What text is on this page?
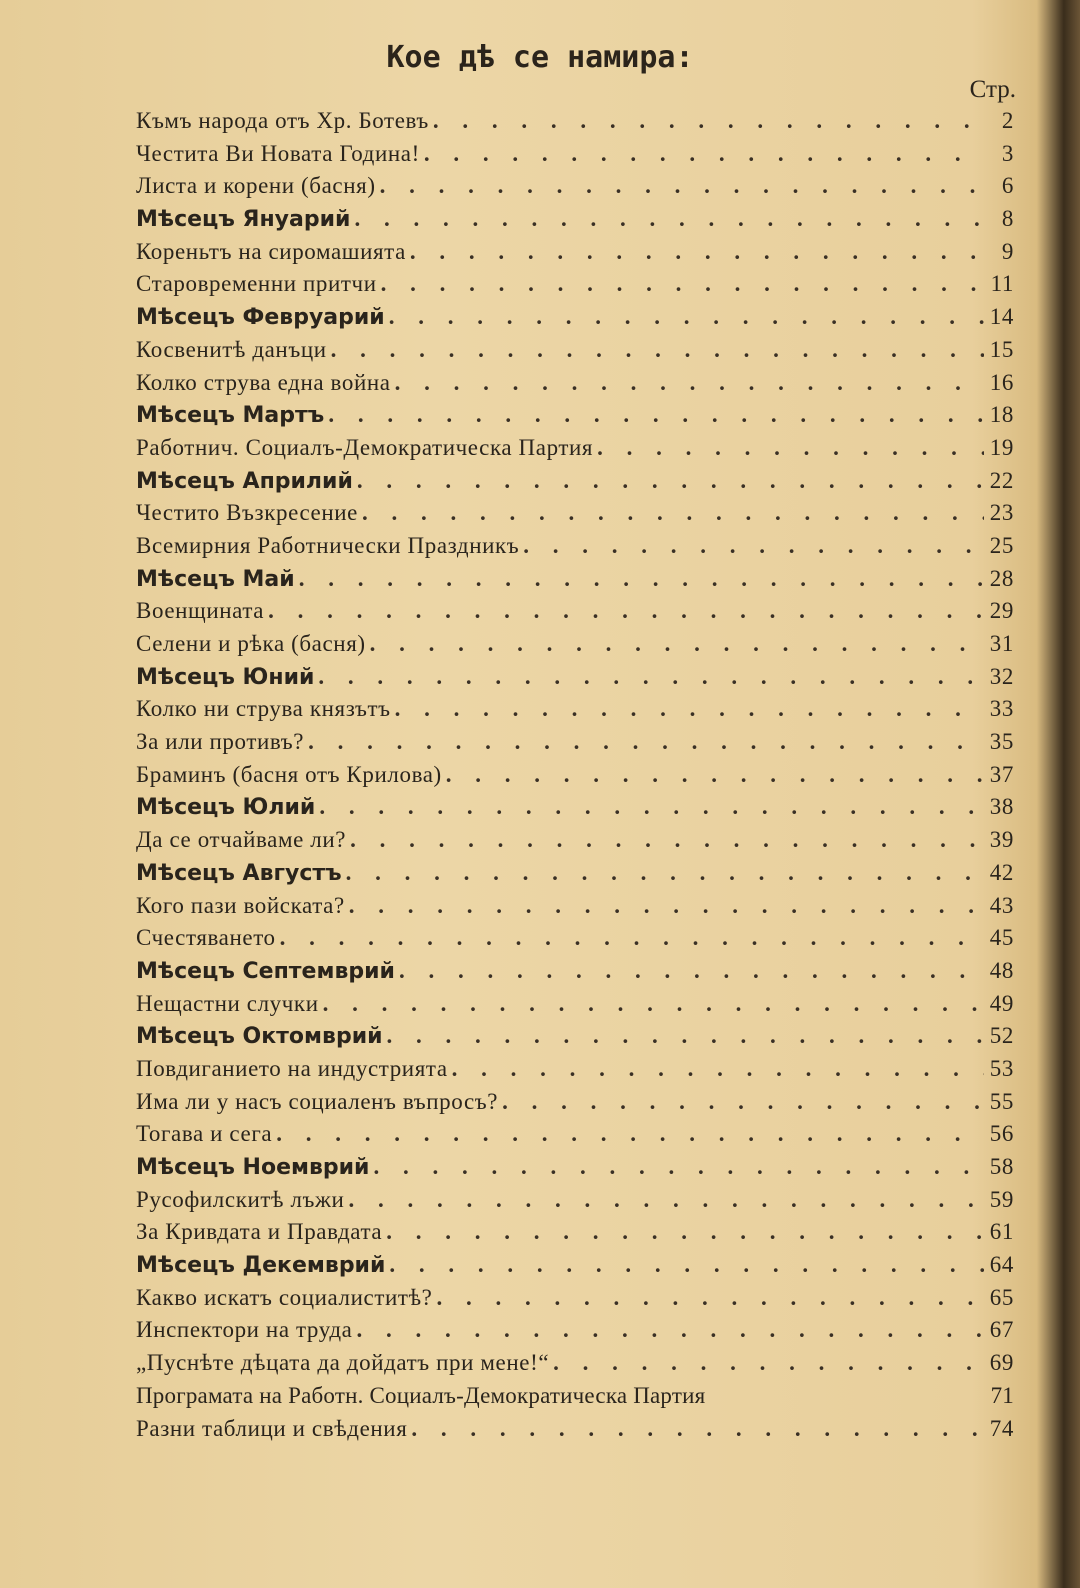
Кое дѣ се намира:
Стр.
Къмъ народа отъ Хр. Ботевъ . . .	2
Честита Ви Новата Година! . . .	3
Листа и корени (басня) . . .	6
Мѣсецъ Януарий . . .	8
Кореньтъ на сиромашията . . .	9
Старовременни притчи . . .	11
Мѣсецъ Февруарий . . .	14
Косвенитѣ данъци . . .	15
Колко струва една война . . .	16
Мѣсецъ Мартъ . . .	18
Работнич. Социалъ-Демократическа Партия . . .	19
Мѣсецъ Априлий . . .	22
Честито Възкресение . . .	23
Всемирния Работнически Праздникъ . . .	25
Мѣсецъ Май . . .	28
Военщината . . .	29
Селени и рѣка (басня) . . .	31
Мѣсецъ Юний . . .	32
Колко ни струва князътъ . . .	33
За или противъ? . . .	35
Браминъ (басня отъ Крилова) . . .	37
Мѣсецъ Юлий . . .	38
Да се отчайваме ли? . . .	39
Мѣсецъ Августъ . . .	42
Кого пази войската? . . .	43
Счестяването . . .	45
Мѣсецъ Септемврий . . .	48
Нещастни случки . . .	49
Мѣсецъ Октомврий . . .	52
Повдиганието на индустрията . . .	53
Има ли у насъ социаленъ въпросъ? . . .	55
Тогава и сега . . .	56
Мѣсецъ Ноемврий . . .	58
Русофилскитѣ лъжи . . .	59
За Кривдата и Правдата . . .	61
Мѣсецъ Декемврий . . .	64
Какво искатъ социалиститѣ? . . .	65
Инспектори на труда . . .	67
„Пуснѣте дѣцата да дойдатъ при мене!“ . . .	69
Програмата на Работн. Социалъ-Демократическа Партия	71
Разни таблици и свѣдения . . .	74
